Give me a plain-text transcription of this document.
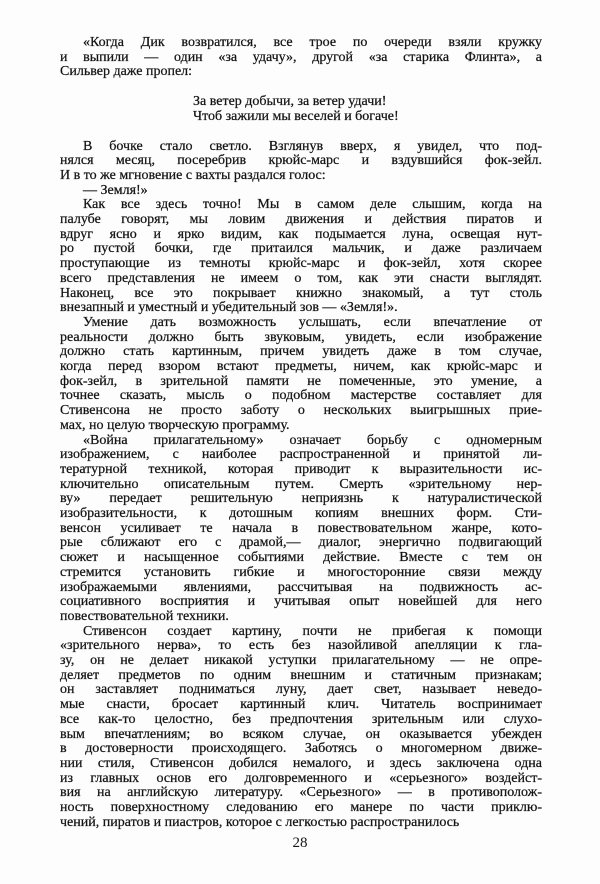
«Когда Дик возвратился, все трое по очереди взяли кружку
и выпили — один «за удачу», другой «за старика Флинта», а
Сильвер даже пропел:
За ветер добычи, за ветер удачи!
Чтоб зажили мы веселей и богаче!
В бочке стало светло. Взглянув вверх, я увидел, что под-
нялся месяц, посеребрив крюйс-марс и вздувшийся фок-зейл.
И в то же мгновение с вахты раздался голос:
— Земля!»
Как все здесь точно! Мы в самом деле слышим, когда на
палубе говорят, мы ловим движения и действия пиратов и
вдруг ясно и ярко видим, как подымается луна, освещая нут-
ро пустой бочки, где притаился мальчик, и даже различаем
проступающие из темноты крюйс-марс и фок-зейл, хотя скорее
всего представления не имеем о том, как эти снасти выглядят.
Наконец, все это покрывает книжно знакомый, а тут столь
внезапный и уместный и убедительный зов — «Земля!».
Умение дать возможность услышать, если впечатление от
реальности должно быть звуковым, увидеть, если изображение
должно стать картинным, причем увидеть даже в том случае,
когда перед взором встают предметы, ничем, как крюйс-марс и
фок-зейл, в зрительной памяти не помеченные, это умение, а
точнее сказать, мысль о подобном мастерстве составляет для
Стивенсона не просто заботу о нескольких выигрышных прие-
мах, но целую творческую программу.
«Война прилагательному» означает борьбу с одномерным
изображением, с наиболее распространенной и принятой ли-
тературной техникой, которая приводит к выразительности ис-
ключительно описательным путем. Смерть «зрительному нер-
ву» передает решительную неприязнь к натуралистической
изобразительности, к дотошным копиям внешних форм. Сти-
венсон усиливает те начала в повествовательном жанре, кото-
рые сближают его с драмой,— диалог, энергично подвигающий
сюжет и насыщенное событиями действие. Вместе с тем он
стремится установить гибкие и многосторонние связи между
изображаемыми явлениями, рассчитывая на подвижность ас-
социативного восприятия и учитывая опыт новейшей для него
повествовательной техники.
Стивенсон создает картину, почти не прибегая к помощи
«зрительного нерва», то есть без назойливой апелляции к гла-
зу, он не делает никакой уступки прилагательному — не опре-
деляет предметов по одним внешним и статичным признакам;
он заставляет подниматься луну, дает свет, называет неведо-
мые снасти, бросает картинный клич. Читатель воспринимает
все как-то целостно, без предпочтения зрительным или слухо-
вым впечатлениям; во всяком случае, он оказывается убежден
в достоверности происходящего. Заботясь о многомерном движе-
нии стиля, Стивенсон добился немалого, и здесь заключена одна
из главных основ его долговременного и «серьезного» воздейст-
вия на английскую литературу. «Серьезного» — в противополож-
ность поверхностному следованию его манере по части приклю-
чений, пиратов и пиастров, которое с легкостью распространилось
28
